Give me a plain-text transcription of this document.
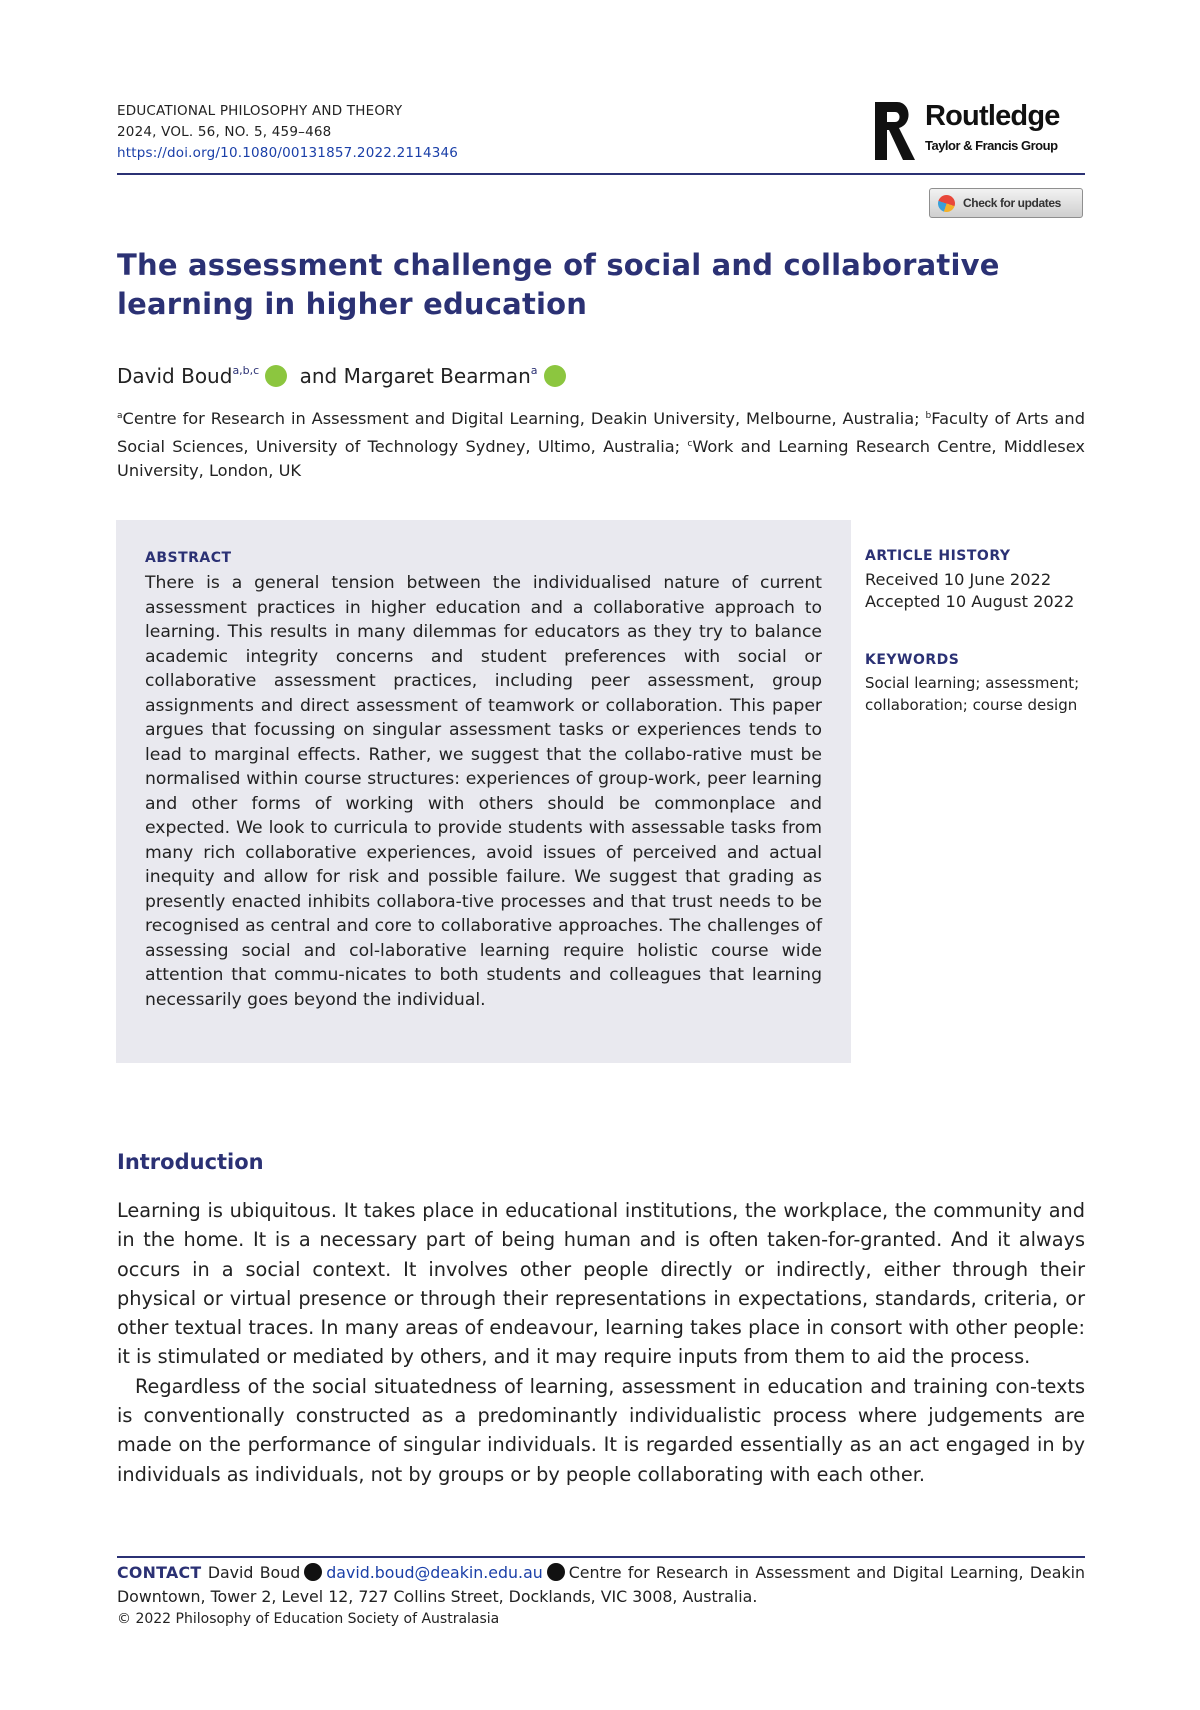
EDUCATIONAL PHILOSOPHY AND THEORY
2024, VOL. 56, NO. 5, 459–468
https://doi.org/10.1080/00131857.2022.2114346
Routledge
Taylor & Francis Group
Check for updates
The assessment challenge of social and collaborative learning in higher education
David Boud$^{a,b,c}$ and Margaret Bearman$^a$

$^a$Centre for Research in Assessment and Digital Learning, Deakin University, Melbourne, Australia; $^b$Faculty of Arts and Social Sciences, University of Technology Sydney, Ultimo, Australia; $^c$Work and Learning Research Centre, Middlesex University, London, UK

ABSTRACT

There is a general tension between the individualised nature of current assessment practices in higher education and a collaborative approach to learning. This results in many dilemmas for educators as they try to balance academic integrity concerns and student preferences with social or collaborative assessment practices, including peer assessment, group assignments and direct assessment of teamwork or collaboration. This paper argues that focussing on singular assessment tasks or experiences tends to lead to marginal effects. Rather, we suggest that the collabo-rative must be normalised within course structures: experiences of group-work, peer learning and other forms of working with others should be commonplace and expected. We look to curricula to provide students with assessable tasks from many rich collaborative experiences, avoid issues of perceived and actual inequity and allow for risk and possible failure. We suggest that grading as presently enacted inhibits collabora-tive processes and that trust needs to be recognised as central and core to collaborative approaches. The challenges of assessing social and col-laborative learning require holistic course wide attention that commu-nicates to both students and colleagues that learning necessarily goes beyond the individual.

ARTICLE HISTORY

Received 10 June 2022
Accepted 10 August 2022

KEYWORDS

Social learning; assessment; collaboration; course design

Introduction

Learning is ubiquitous. It takes place in educational institutions, the workplace, the community and in the home. It is a necessary part of being human and is often taken-for-granted. And it always occurs in a social context. It involves other people directly or indirectly, either through their physical or virtual presence or through their representations in expectations, standards, criteria, or other textual traces. In many areas of endeavour, learning takes place in consort with other people: it is stimulated or mediated by others, and it may require inputs from them to aid the process.

Regardless of the social situatedness of learning, assessment in education and training con-texts is conventionally constructed as a predominantly individualistic process where judgements are made on the performance of singular individuals. It is regarded essentially as an act engaged in by individuals as individuals, not by groups or by people collaborating with each other.

CONTACT David Boud david.boud@deakin.edu.au Centre for Research in Assessment and Digital Learning, Deakin Downtown, Tower 2, Level 12, 727 Collins Street, Docklands, VIC 3008, Australia.

© 2022 Philosophy of Education Society of Australasia
